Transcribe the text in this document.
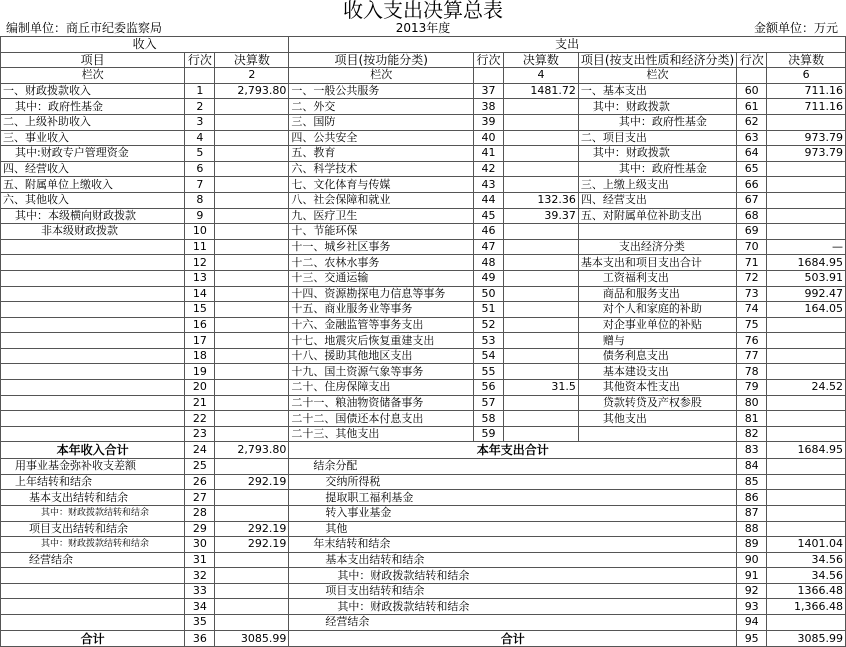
收入支出决算总表
编制单位：商丘市纪委监察局	2013年度	金额单位：万元
收入			支出					
项目	行次	决算数	项目(按功能分类)	行次	决算数	项目(按支出性质和经济分类)	行次	决算数
栏次		2	栏次		4	栏次		6
一、财政拨款收入	1	2,793.80	一、一般公共服务	37	1481.72	一、基本支出	60	711.16
其中：政府性基金	2		二、外交	38		其中：财政拨款	61	711.16
二、上级补助收入	3		三、国防	39		其中：政府性基金	62	
三、事业收入	4		四、公共安全	40		二、项目支出	63	973.79
其中:财政专户管理资金	5		五、教育	41		其中：财政拨款	64	973.79
四、经营收入	6		六、科学技术	42		其中：政府性基金	65	
五、附属单位上缴收入	7		七、文化体育与传媒	43		三、上缴上级支出	66	
六、其他收入	8		八、社会保障和就业	44	132.36	四、经营支出	67	
其中：本级横向财政拨款	9		九、医疗卫生	45	39.37	五、对附属单位补助支出	68	
非本级财政拨款	10		十、节能环保	46			69	
	11		十一、城乡社区事务	47		支出经济分类	70	—
	12		十二、农林水事务	48		基本支出和项目支出合计	71	1684.95
	13		十三、交通运输	49		工资福利支出	72	503.91
	14		十四、资源勘探电力信息等事务	50		商品和服务支出	73	992.47
	15		十五、商业服务业等事务	51		对个人和家庭的补助	74	164.05
	16		十六、金融监管等事务支出	52		对企事业单位的补贴	75	
	17		十七、地震灾后恢复重建支出	53		赠与	76	
	18		十八、援助其他地区支出	54		债务利息支出	77	
	19		十九、国土资源气象等事务	55		基本建设支出	78	
	20		二十、住房保障支出	56	31.5	其他资本性支出	79	24.52
	21		二十一、粮油物资储备事务	57		贷款转贷及产权参股	80	
	22		二十二、国债还本付息支出	58		其他支出	81	
	23		二十三、其他支出	59			82	
本年收入合计	24	2,793.80	本年支出合计				83	1684.95
用事业基金弥补收支差额	25		结余分配				84	
上年结转和结余	26	292.19	交纳所得税				85	
基本支出结转和结余	27		提取职工福利基金				86	
其中：财政拨款结转和结余	28		转入事业基金				87	
项目支出结转和结余	29	292.19	其他				88	
其中：财政拨款结转和结余	30	292.19	年末结转和结余				89	1401.04
经营结余	31		基本支出结转和结余				90	34.56
	32		其中：财政拨款结转和结余				91	34.56
	33		项目支出结转和结余				92	1366.48
	34		其中：财政拨款结转和结余				93	1,366.48
	35		经营结余				94	
合计	36	3085.99	合计				95	3085.99
